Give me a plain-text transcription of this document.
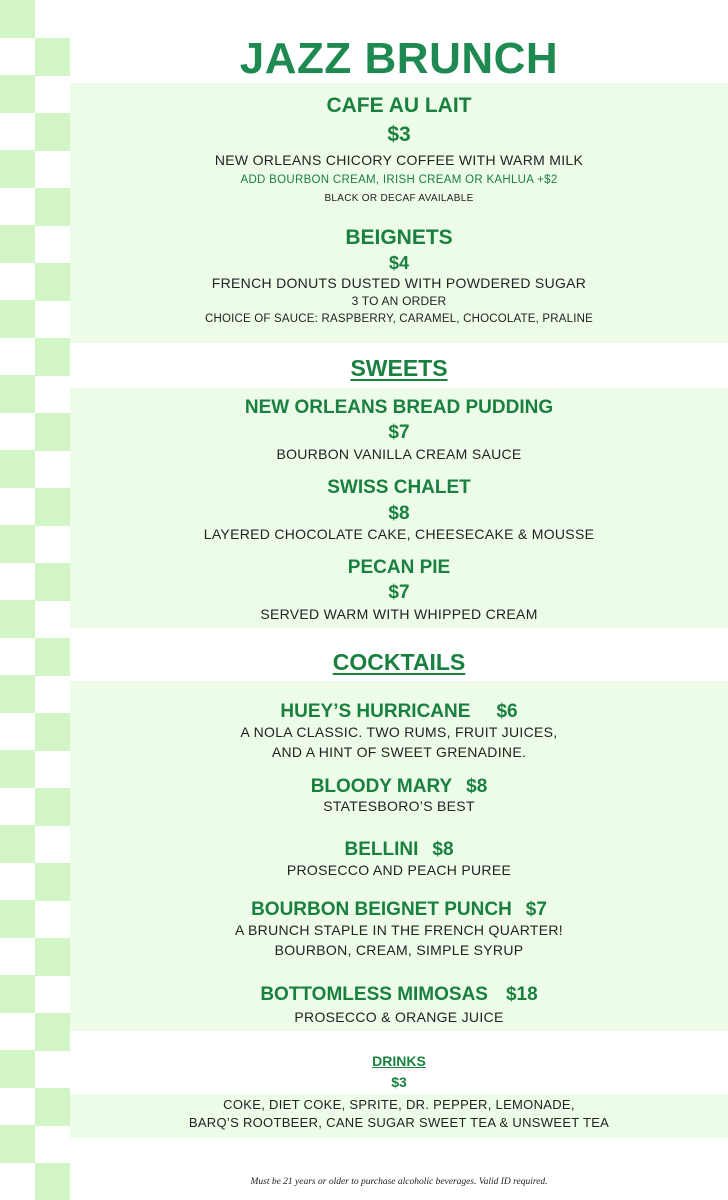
JAZZ BRUNCH
CAFE AU LAIT
$3
NEW ORLEANS CHICORY COFFEE WITH WARM MILK
ADD BOURBON CREAM, IRISH CREAM OR KAHLUA +$2
BLACK OR DECAF AVAILABLE
BEIGNETS
$4
FRENCH DONUTS DUSTED WITH POWDERED SUGAR
3 TO AN ORDER
CHOICE OF SAUCE: RASPBERRY, CARAMEL, CHOCOLATE, PRALINE
SWEETS
NEW ORLEANS BREAD PUDDING
$7
BOURBON VANILLA CREAM SAUCE
SWISS CHALET
$8
LAYERED CHOCOLATE CAKE, CHEESECAKE & MOUSSE
PECAN PIE
$7
SERVED WARM WITH WHIPPED CREAM
COCKTAILS
HUEY’S HURRICANE $6
A NOLA CLASSIC. TWO RUMS, FRUIT JUICES,
AND A HINT OF SWEET GRENADINE.
BLOODY MARY $8
STATESBORO’S BEST
BELLINI $8
PROSECCO AND PEACH PUREE
BOURBON BEIGNET PUNCH $7
A BRUNCH STAPLE IN THE FRENCH QUARTER!
BOURBON, CREAM, SIMPLE SYRUP
BOTTOMLESS MIMOSAS $18
PROSECCO & ORANGE JUICE
DRINKS
$3
COKE, DIET COKE, SPRITE, DR. PEPPER, LEMONADE,
BARQ’S ROOTBEER, CANE SUGAR SWEET TEA & UNSWEET TEA
Must be 21 years or older to purchase alcoholic beverages. Valid ID required.
